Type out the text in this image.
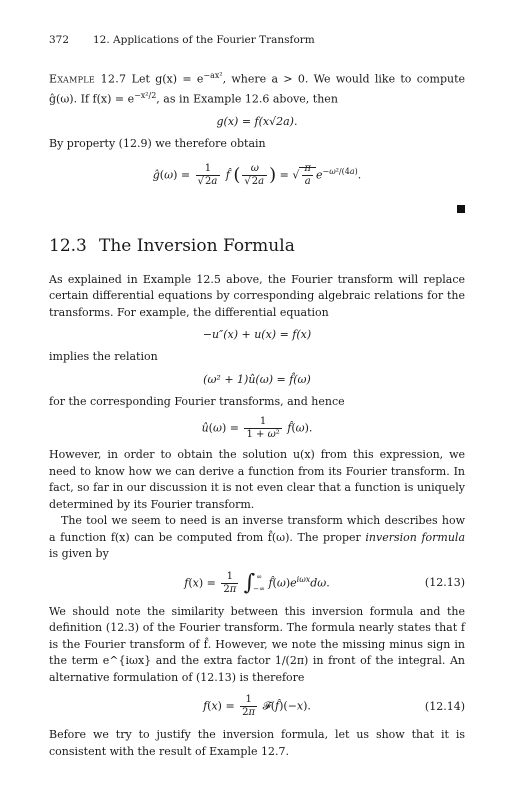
372	12. Applications of the Fourier Transform

Example 12.7 Let $g(x) = e^{-ax^2}$, where a > 0. We would like to compute ĝ(ω). If $f(x) = e^{-x^2/2}$, as in Example 12.6 above, then

g(x) = f(x√2a).

By property (12.9) we therefore obtain

ĝ(ω) = $\frac{1}{√2a}$ f̂ ( $\frac{\omega}{√2a}$ ) = √ $\frac{\pi}{a} e^{-\omega^2/(4a)}$.
12.3 The Inversion Formula

As explained in Example 12.5 above, the Fourier transform will replace certain differential equations by corresponding algebraic relations for the transforms. For example, the differential equation

−u″(x) + u(x) = f(x)

implies the relation

(ω² + 1)û(ω) = f̂(ω)

for the corresponding Fourier transforms, and hence

û(ω) = $\frac{1}{\text{1 + ω²}}$ f̂(ω).

However, in order to obtain the solution u(x) from this expression, we need to know how we can derive a function from its Fourier transform. In fact, so far in our discussion it is not even clear that a function is uniquely determined by its Fourier transform.

The tool we seem to need is an inverse transform which describes how a function f(x) can be computed from f̂(ω). The proper inversion formula is given by

$f(x) = \frac{1}{2\pi}$ ∫ ∞
−∞ $f̂(\omega)e^{i\omega x}d\omega$.	(12.13)

We should note the similarity between this inversion formula and the definition (12.3) of the Fourier transform. The formula nearly states that f is the Fourier transform of f̂. However, we note the missing minus sign in the term e^{iωx} and the extra factor 1/(2π) in front of the integral. An alternative formulation of (12.13) is therefore

$f(x) = \frac{1}{2\pi}$ 𝓕(f̂)(−x).	(12.14)

Before we try to justify the inversion formula, let us show that it is consistent with the result of Example 12.7.
